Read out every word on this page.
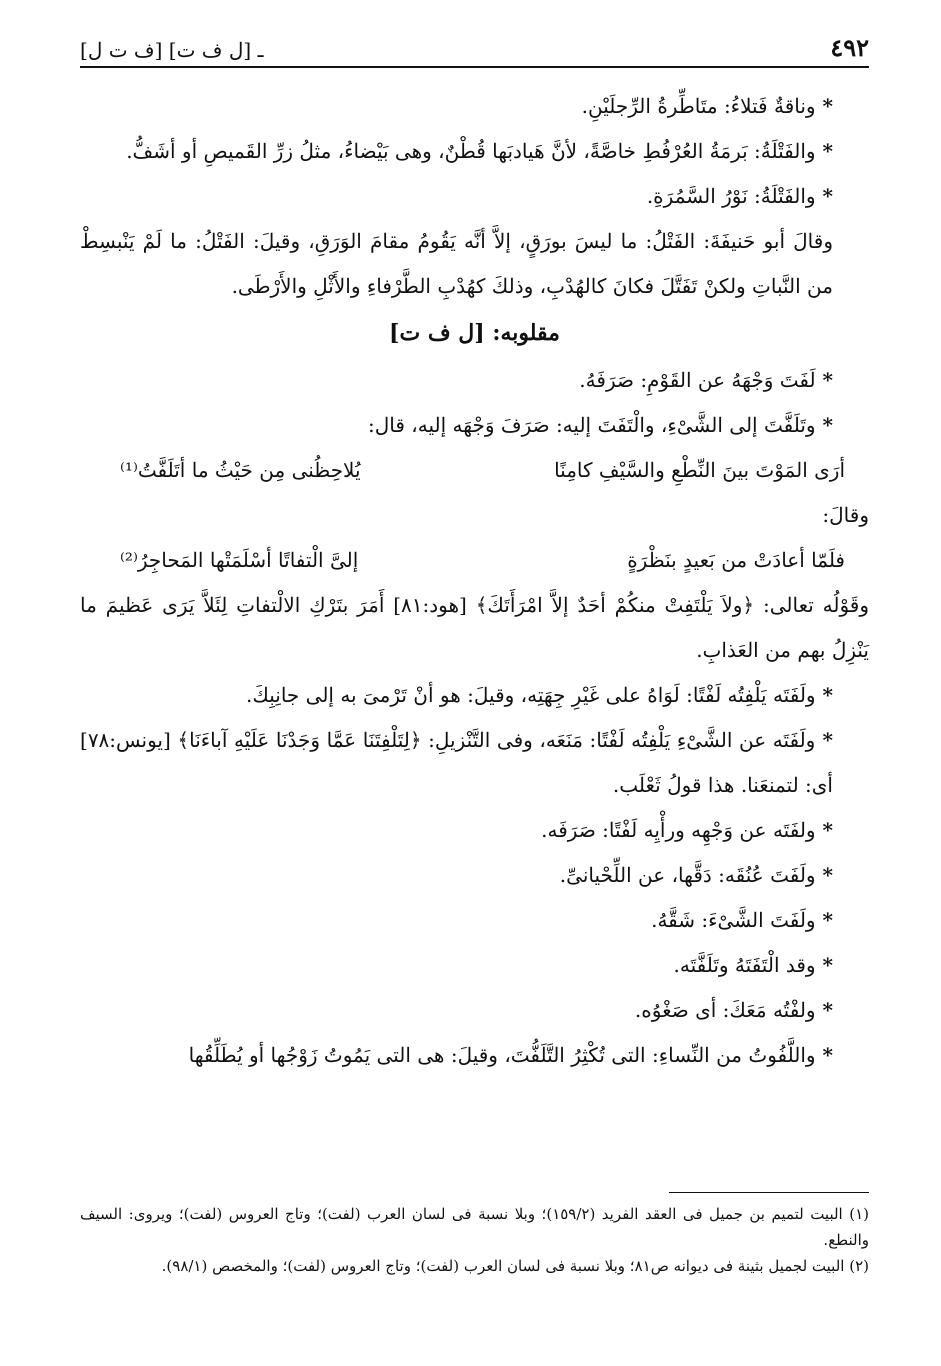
٤٩٢
[ف ت ل] ـ [ل ف ت]

* وناقةٌ فَتلاءُ: متَاطِّرةُ الرِّجلَيْنِ.

* والفَتْلَةُ: بَرمَةُ العُرْفُطِ خاصَّةً، لأنَّ هَيادبَها قُطْنٌ، وهى بَيْضاءُ، مثلُ زرِّ القَميصِ أو أشَفُّ.

* والفَتْلَةُ: نَوْرُ السَّمُرَةِ.

وقالَ أبو حَنيفَةَ: الفَتْلُ: ما ليسَ بورَقٍ، إلاَّ أنَّه يَقُومُ مقامَ الوَرَقِ، وقيلَ: الفَتْلُ: ما لَمْ يَنْبسِطْ من النَّباتِ ولكنْ تَفَتَّلَ فكانَ كالهُدْبِ، وذلكَ كهُدْبِ الطَّرْفاءِ والأَثْلِ والأَرْطَى.

مقلوبه: [ل ف ت]

* لَفَتَ وَجْهَهُ عن القَوْمِ: صَرَفَهُ.

* وتَلَفَّتَ إلى الشَّىْءِ، والْتَفَتَ إليه: صَرَفَ وَجْهَه إليه، قال:

أرَى المَوْتَ بينَ النِّطْعِ والسَّيْفِ كامِنًا
يُلاحِظُنى مِن حَيْثُ ما أتَلَفَّتُ⁽¹⁾

وقالَ:

فلَمّا أعادَتْ من بَعيدٍ بنَظْرَةٍ
إلىَّ الْتفاتًا أسْلَمَتْها المَحاجِرُ⁽²⁾

وقَوْلُه تعالى: ﴿ولاَ يَلْتَفِتْ منكُمْ أحَدٌ إلاَّ امْرَأَتَكَ﴾ [هود:٨١] أَمَرَ بتَرْكِ الالْتفاتِ لِئَلاَّ يَرَى عَظيمَ ما يَنْزِلُ بهم من العَذابِ.

* ولَفَتَه يَلْفِتُه لَفْتًا: لَوَاهُ على غَيْرِ جِهَتِه، وقيلَ: هو أنْ تَرْمىَ به إلى جانِبِكَ.

* ولَفَتَه عن الشَّىْءِ يَلْفِتُه لَفْتًا: مَنَعَه، وفى التَّنْزيلِ: ﴿لِتَلْفِتَنَا عَمَّا وَجَدْنَا عَلَيْهِ آباءَنَا﴾ [يونس:٧٨] أى: لتمنعَنا. هذا قولُ ثَعْلَب.

* ولفَتَه عن وَجْهِه ورأْيِه لَفْتًا: صَرَفَه.

* ولَفَتَ عُنُقَه: دَقَّها، عن اللِّحْيانىِّ.

* ولَفَتَ الشَّىْءَ: شَقَّهُ.

* وقد الْتَفَتَهُ وتَلَفَّتَه.

* ولفْتُه مَعَكَ: أى صَغْوُه.

* واللَّفُوتُ من النِّساءِ: التى تُكْثِرُ التَّلَفُّتَ، وقيلَ: هى التى يَمُوتُ زَوْجُها أو يُطَلِّقُها

(١) البيت لتميم بن جميل فى العقد الفريد (١٥٩/٢)؛ وبلا نسبة فى لسان العرب (لفت)؛ وتاج العروس (لفت)؛ ويروى: السيف والنطع.

(٢) البيت لجميل بثينة فى ديوانه ص٨١؛ وبلا نسبة فى لسان العرب (لفت)؛ وتاج العروس (لفت)؛ والمخصص (٩٨/١).
